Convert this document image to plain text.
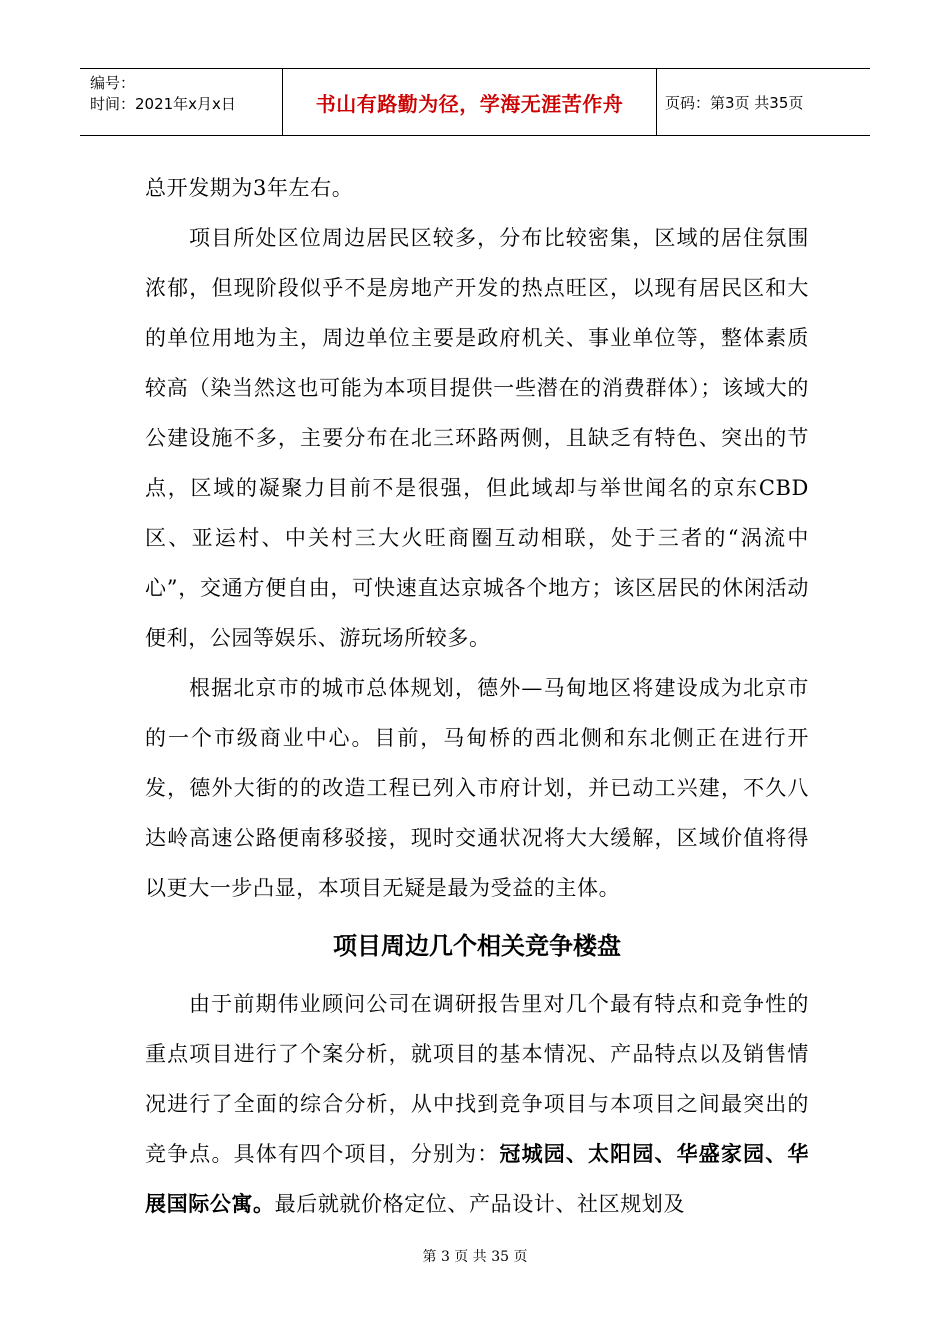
编号：
时间：2021年x月x日	书山有路勤为径，学海无涯苦作舟	页码：第3页 共35页

总开发期为3年左右。

项目所处区位周边居民区较多，分布比较密集，区域的居住氛围浓郁，但现阶段似乎不是房地产开发的热点旺区，以现有居民区和大的单位用地为主，周边单位主要是政府机关、事业单位等，整体素质较高（染当然这也可能为本项目提供一些潜在的消费群体）；该域大的公建设施不多，主要分布在北三环路两侧，且缺乏有特色、突出的节点，区域的凝聚力目前不是很强，但此域却与举世闻名的京东CBD区、亚运村、中关村三大火旺商圈互动相联，处于三者的“涡流中心”，交通方便自由，可快速直达京城各个地方；该区居民的休闲活动便利，公园等娱乐、游玩场所较多。

根据北京市的城市总体规划，德外—马甸地区将建设成为北京市的一个市级商业中心。目前，马甸桥的西北侧和东北侧正在进行开发，德外大街的的改造工程已列入市府计划，并已动工兴建，不久八达岭高速公路便南移驳接，现时交通状况将大大缓解，区域价值将得以更大一步凸显，本项目无疑是最为受益的主体。

项目周边几个相关竞争楼盘

由于前期伟业顾问公司在调研报告里对几个最有特点和竞争性的重点项目进行了个案分析，就项目的基本情况、产品特点以及销售情况进行了全面的综合分析，从中找到竞争项目与本项目之间最突出的竞争点。具体有四个项目，分别为：冠城园、太阳园、华盛家园、华展国际公寓。最后就就价格定位、产品设计、社区规划及

第 3 页 共 35 页
